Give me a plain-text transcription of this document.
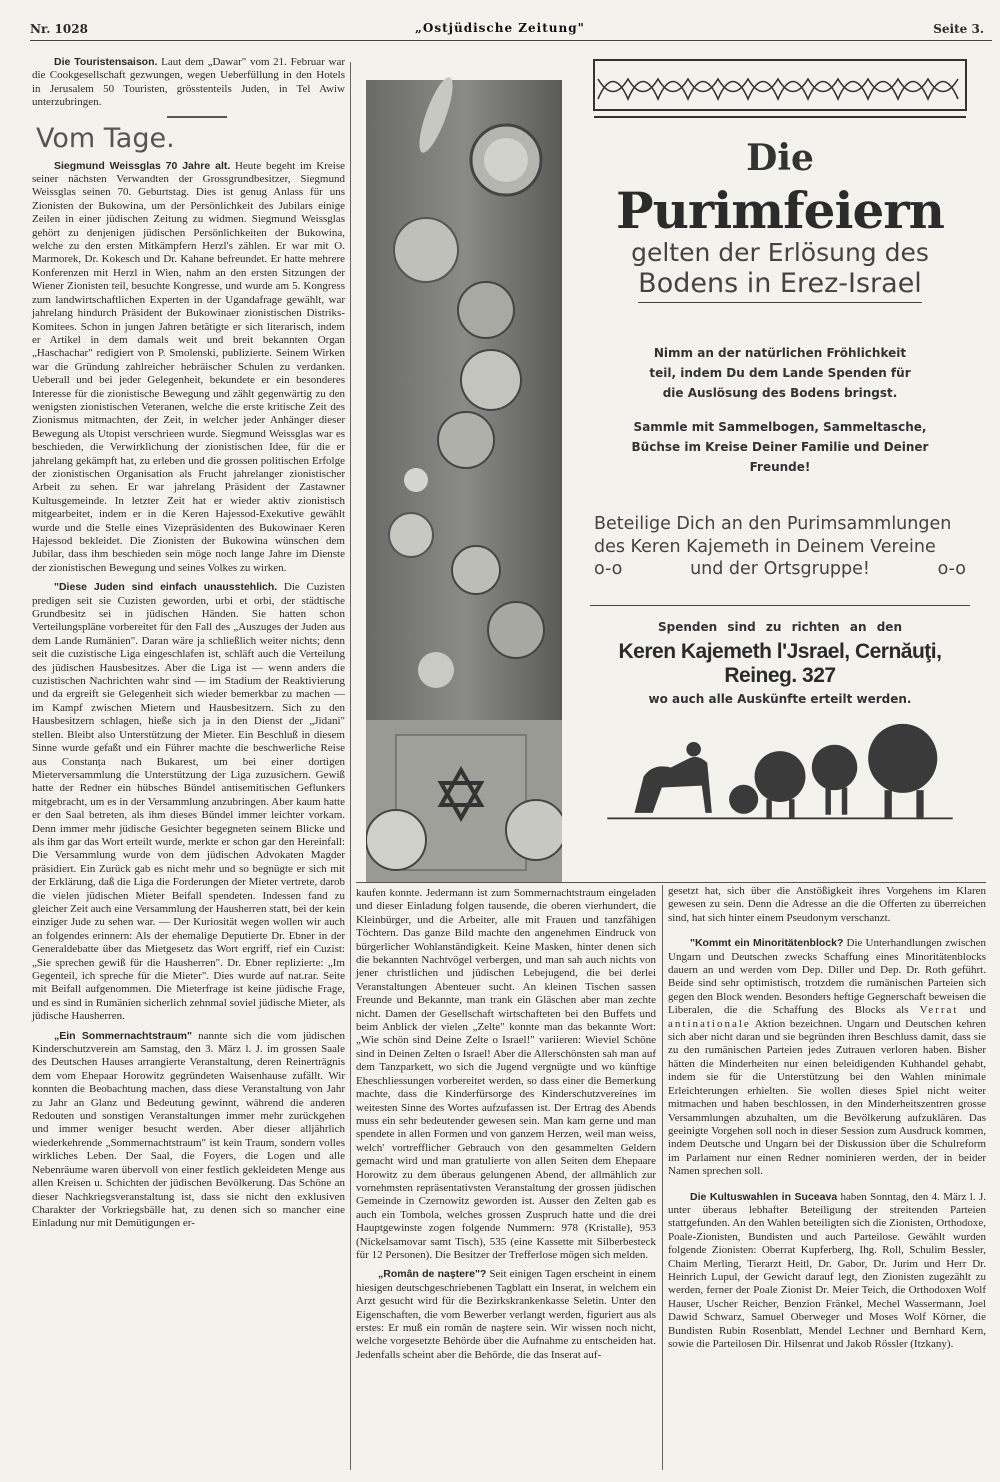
Nr. 1028	„Ostjüdische Zeitung"	Seite 3.

Die Touristensaison. Laut dem „Dawar" vom 21. Februar war die Cookgesellschaft gezwungen, wegen Ueberfüllung in den Hotels in Jerusalem 50 Touristen, grösstenteils Juden, in Tel Awiw unterzubringen.

Vom Tage.

Siegmund Weissglas 70 Jahre alt. Heute begeht im Kreise seiner nächsten Verwandten der Grossgrundbesitzer, Siegmund Weissglas seinen 70. Geburtstag. Dies ist genug Anlass für uns Zionisten der Bukowina, um der Persönlichkeit des Jubilars einige Zeilen in einer jüdischen Zeitung zu widmen. Siegmund Weissglas gehört zu denjenigen jüdischen Persönlichkeiten der Bukowina, welche zu den ersten Mitkämpfern Herzl's zählen. Er war mit O. Marmorek, Dr. Kokesch und Dr. Kahane befreundet. Er hatte mehrere Konferenzen mit Herzl in Wien, nahm an den ersten Sitzungen der Wiener Zionisten teil, besuchte Kongresse, und wurde am 5. Kongress zum landwirtschaftlichen Experten in der Ugandafrage gewählt, war jahrelang hindurch Präsident der Bukowinaer zionistischen Distriks-Komitees. Schon in jungen Jahren betätigte er sich literarisch, indem er Artikel in dem damals weit und breit bekannten Organ „Haschachar" redigiert von P. Smolenski, publizierte. Seinem Wirken war die Gründung zahlreicher hebräischer Schulen zu verdanken. Ueberall und bei jeder Gelegenheit, bekundete er ein besonderes Interesse für die zionistische Bewegung und zählt gegenwärtig zu den wenigsten zionistischen Veteranen, welche die erste kritische Zeit des Zionismus mitmachten, der Zeit, in welcher jeder Anhänger dieser Bewegung als Utopist verschrieen wurde. Siegmund Weissglas war es beschieden, die Verwirklichung der zionistischen Idee, für die er jahrelang gekämpft hat, zu erleben und die grossen politischen Erfolge der zionistischen Organisation als Frucht jahrelanger zionistischer Arbeit zu sehen. Er war jahrelang Präsident der Zastawner Kultusgemeinde. In letzter Zeit hat er wieder aktiv zionistisch mitgearbeitet, indem er in die Keren Hajessod-Exekutive gewählt wurde und die Stelle eines Vizepräsidenten des Bukowinaer Keren Hajessod bekleidet. Die Zionisten der Bukowina wünschen dem Jubilar, dass ihm beschieden sein möge noch lange Jahre im Dienste der zionistischen Bewegung und seines Volkes zu wirken.

"Diese Juden sind einfach unausstehlich. Die Cuzisten predigen seit sie Cuzisten geworden, urbi et orbi, der städtische Grundbesitz sei in jüdischen Händen. Sie hatten schon Verteilungspläne vorbereitet für den Fall des „Auszuges der Juden aus dem Lande Rumänien". Daran wäre ja schließlich weiter nichts; denn seit die cuzistische Liga eingeschlafen ist, schläft auch die Verteilung des jüdischen Hausbesitzes. Aber die Liga ist — wenn anders die cuzistischen Nachrichten wahr sind — im Stadium der Reaktivierung und da ergreift sie Gelegenheit sich wieder bemerkbar zu machen — im Kampf zwischen Mietern und Hausbesitzern. Sich zu den Hausbesitzern schlagen, hieße sich ja in den Dienst der „Jidani" stellen. Bleibt also Unterstützung der Mieter. Ein Beschluß in diesem Sinne wurde gefaßt und ein Führer machte die beschwerliche Reise aus Constanța nach Bukarest, um bei einer dortigen Mieterversammlung die Unterstützung der Liga zuzusichern. Gewiß hatte der Redner ein hübsches Bündel antisemitischen Geflunkers mitgebracht, um es in der Versammlung anzubringen. Aber kaum hatte er den Saal betreten, als ihm dieses Bündel immer leichter vorkam. Denn immer mehr jüdische Gesichter begegneten seinem Blicke und als ihm gar das Wort erteilt wurde, merkte er schon gar den Hereinfall: Die Versammlung wurde von dem jüdischen Advokaten Magder präsidiert. Ein Zurück gab es nicht mehr und so begnügte er sich mit der Erklärung, daß die Liga die Forderungen der Mieter vertrete, darob die vielen jüdischen Mieter Beifall spendeten. Indessen fand zu gleicher Zeit auch eine Versammlung der Hausherren statt, bei der kein einziger Jude zu sehen war. — Der Kuriosität wegen wollen wir auch an folgendes erinnern: Als der ehemalige Deputierte Dr. Ebner in der Generaldebatte über das Mietgesetz das Wort ergriff, rief ein Cuzist: „Sie sprechen gewiß für die Hausherren". Dr. Ebner replizierte: „Im Gegenteil, ich spreche für die Mieter". Dies wurde auf nat.rar. Seite mit Beifall aufgenommen. Die Mieterfrage ist keine jüdische Frage, und es sind in Rumänien sicherlich zehnmal soviel jüdische Mieter, als jüdische Hausherren.

„Ein Sommernachtstraum" nannte sich die vom jüdischen Kinderschutzverein am Samstag, den 3. März l. J. im grossen Saale des Deutschen Hauses arrangierte Veranstaltung, deren Reinerträgnis dem vom Ehepaar Horowitz gegründeten Waisenhause zufällt. Wir konnten die Beobachtung machen, dass diese Veranstaltung von Jahr zu Jahr an Glanz und Bedeutung gewinnt, während die anderen Redouten und sonstigen Veranstaltungen immer mehr zurückgehen und immer weniger besucht werden. Aber dieser alljährlich wiederkehrende „Sommernachtstraum" ist kein Traum, sondern volles wirkliches Leben. Der Saal, die Foyers, die Logen und alle Nebenräume waren übervoll von einer festlich gekleideten Menge aus allen Kreisen u. Schichten der jüdischen Bevölkerung. Das Schöne an dieser Nachkriegsveranstaltung ist, dass sie nicht den exklusiven Charakter der Vorkriegsbälle hat, zu denen sich so mancher eine Einladung nur mit Demütigungen er-

Die
Purimfeiern
gelten der Erlösung des
Bodens in Erez-Israel
Nimm an der natürlichen Fröhlichkeit teil, indem Du dem Lande Spenden für die Auslösung des Bodens bringst.
Sammle mit Sammelbogen, Sammeltasche, Büchse im Kreise Deiner Familie und Deiner Freunde!
Beteilige Dich an den Purimsammlungen des Keren Kajemeth in Deinem Vereine
o-o	und der Ortsgruppe!	o-o
Spenden sind zu richten an den
Keren Kajemeth l'Jsrael, Cernăuţi, Reineg. 327
wo auch alle Auskünfte erteilt werden.

kaufen konnte. Jedermann ist zum Sommernachtstraum eingeladen und dieser Einladung folgen tausende, die oberen vierhundert, die Kleinbürger, und die Arbeiter, alle mit Frauen und tanzfähigen Töchtern. Das ganze Bild machte den angenehmen Eindruck von bürgerlicher Wohlanständigkeit. Keine Masken, hinter denen sich die bekannten Nachtvögel verbergen, und man sah auch nichts von jener christlichen und jüdischen Lebejugend, die bei derlei Veranstaltungen Abenteuer sucht. An kleinen Tischen sassen Freunde und Bekannte, man trank ein Gläschen aber man zechte nicht. Damen der Gesellschaft wirtschafteten bei den Buffets und beim Anblick der vielen „Zelte" konnte man das bekannte Wort: „Wie schön sind Deine Zelte o Israel!" variieren: Wieviel Schöne sind in Deinen Zelten o Israel! Aber die Allerschönsten sah man auf dem Tanzparkett, wo sich die Jugend vergnügte und wo künftige Eheschliessungen vorbereitet werden, so dass einer die Bemerkung machte, dass die Kinderfürsorge des Kinderschutzvereines im weitesten Sinne des Wortes aufzufassen ist. Der Ertrag des Abends muss ein sehr bedeutender gewesen sein. Man kam gerne und man spendete in allen Formen und von ganzem Herzen, weil man weiss, welch' vortrefflicher Gebrauch von den gesammelten Geldern gemacht wird und man gratulierte von allen Seiten dem Ehepaare Horowitz zu dem überaus gelungenen Abend, der allmählich zur vornehmsten repräsentativsten Veranstaltung der grossen jüdischen Gemeinde in Czernowitz geworden ist. Ausser den Zelten gab es auch ein Tombola, welches grossen Zuspruch hatte und die drei Hauptgewinste zogen folgende Nummern: 978 (Kristalle), 953 (Nickelsamovar samt Tisch), 535 (eine Kassette mit Silberbesteck für 12 Personen). Die Besitzer der Trefferlose mögen sich melden.

„Român de naştere"? Seit einigen Tagen erscheint in einem hiesigen deutschgeschriebenen Tagblatt ein Inserat, in welchem ein Arzt gesucht wird für die Bezirkskrankenkasse Seletin. Unter den Eigenschaften, die vom Bewerber verlangt werden, figuriert aus als erstes: Er muß ein român de naştere sein. Wir wissen noch nicht, welche vorgesetzte Behörde über die Aufnahme zu entscheiden hat. Jedenfalls scheint aber die Behörde, die das Inserat auf-

gesetzt hat, sich über die Anstößigkeit ihres Vorgehens im Klaren gewesen zu sein. Denn die Adresse an die die Offerten zu überreichen sind, hat sich hinter einem Pseudonym verschanzt.

"Kommt ein Minoritätenblock? Die Unterhandlungen zwischen Ungarn und Deutschen zwecks Schaffung eines Minoritätenblocks dauern an und werden vom Dep. Diller und Dep. Dr. Roth geführt. Beide sind sehr optimistisch, trotzdem die rumänischen Parteien sich gegen den Block wenden. Besonders heftige Gegnerschaft beweisen die Liberalen, die die Schaffung des Blocks als Verrat und antinationale Aktion bezeichnen. Ungarn und Deutschen kehren sich aber nicht daran und sie begründen ihren Beschluss damit, dass sie zu den rumänischen Parteien jedes Zutrauen verloren haben. Bisher hätten die Minderheiten nur einen beleidigenden Kuhhandel gehabt, indem sie für die Unterstützung bei den Wahlen minimale Erleichterungen erhielten. Sie wollen dieses Spiel nicht weiter mitmachen und haben beschlossen, in den Minderheitszentren grosse Versammlungen abzuhalten, um die Bevölkerung aufzuklären. Das geeinigte Vorgehen soll noch in dieser Session zum Ausdruck kommen, indem Deutsche und Ungarn bei der Diskussion über die Schulreform im Parlament nur einen Redner nominieren werden, der in beider Namen sprechen soll.

Die Kultuswahlen in Suceava haben Sonntag, den 4. März l. J. unter überaus lebhafter Beteiligung der streitenden Parteien stattgefunden. An den Wahlen beteiligten sich die Zionisten, Orthodoxe, Poale-Zionisten, Bundisten und auch Parteilose. Gewählt wurden folgende Zionisten: Oberrat Kupferberg, Ihg. Roll, Schulim Bessler, Chaim Merling, Tierarzt Heitl, Dr. Gabor, Dr. Jurim und Herr Dr. Heinrich Lupul, der Gewicht darauf legt, den Zionisten zugezählt zu werden, ferner der Poale Zionist Dr. Meier Teich, die Orthodoxen Wolf Hauser, Uscher Reicher, Benzion Fränkel, Mechel Wassermann, Joel Dawid Schwarz, Samuel Oberweger und Moses Wolf Körner, die Bundisten Rubin Rosenblatt, Mendel Lechner und Bernhard Kern, sowie die Parteilosen Dir. Hilsenrat und Jakob Rössler (Itzkany).
